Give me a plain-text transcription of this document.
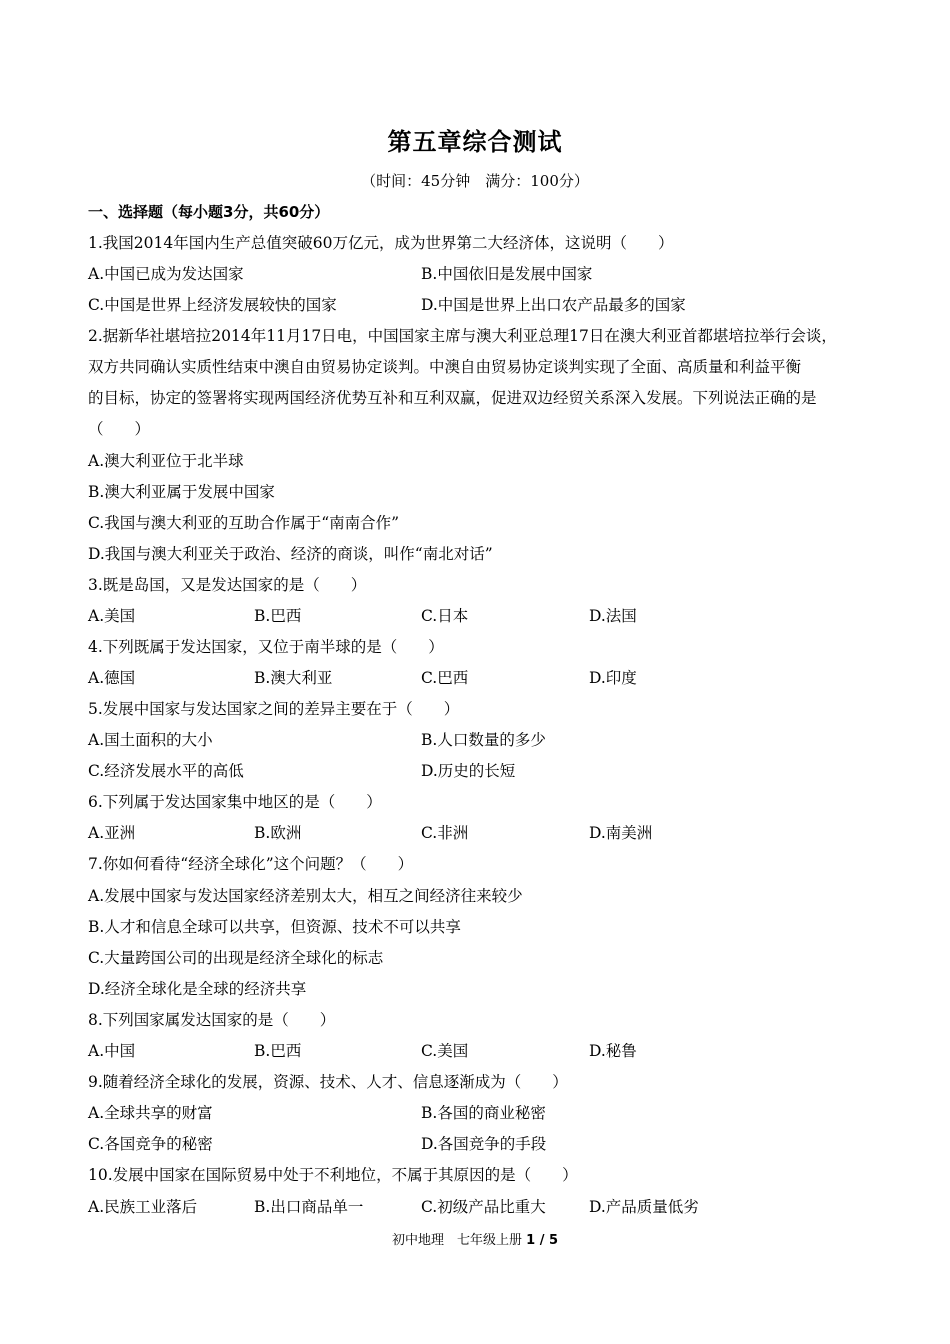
第五章综合测试
（时间：45分钟　满分：100分）
一、选择题（每小题3分，共60分）
1.我国2014年国内生产总值突破60万亿元，成为世界第二大经济体，这说明（　　）
A.中国已成为发达国家	B.中国依旧是发展中国家
C.中国是世界上经济发展较快的国家	D.中国是世界上出口农产品最多的国家
2.据新华社堪培拉2014年11月17日电，中国国家主席与澳大利亚总理17日在澳大利亚首都堪培拉举行会谈，
双方共同确认实质性结束中澳自由贸易协定谈判。中澳自由贸易协定谈判实现了全面、高质量和利益平衡
的目标，协定的签署将实现两国经济优势互补和互利双赢，促进双边经贸关系深入发展。下列说法正确的是
（　　）
A.澳大利亚位于北半球
B.澳大利亚属于发展中国家
C.我国与澳大利亚的互助合作属于“南南合作”
D.我国与澳大利亚关于政治、经济的商谈，叫作“南北对话”
3.既是岛国，又是发达国家的是（　　）
A.美国	B.巴西	C.日本	D.法国
4.下列既属于发达国家，又位于南半球的是（　　）
A.德国	B.澳大利亚	C.巴西	D.印度
5.发展中国家与发达国家之间的差异主要在于（　　）
A.国土面积的大小	B.人口数量的多少
C.经济发展水平的高低	D.历史的长短
6.下列属于发达国家集中地区的是（　　）
A.亚洲	B.欧洲	C.非洲	D.南美洲
7.你如何看待“经济全球化”这个问题？（　　）
A.发展中国家与发达国家经济差别太大，相互之间经济往来较少
B.人才和信息全球可以共享，但资源、技术不可以共享
C.大量跨国公司的出现是经济全球化的标志
D.经济全球化是全球的经济共享
8.下列国家属发达国家的是（　　）
A.中国	B.巴西	C.美国	D.秘鲁
9.随着经济全球化的发展，资源、技术、人才、信息逐渐成为（　　）
A.全球共享的财富	B.各国的商业秘密
C.各国竞争的秘密	D.各国竞争的手段
10.发展中国家在国际贸易中处于不利地位，不属于其原因的是（　　）
A.民族工业落后	B.出口商品单一	C.初级产品比重大	D.产品质量低劣
初中地理　七年级上册 1 / 5
